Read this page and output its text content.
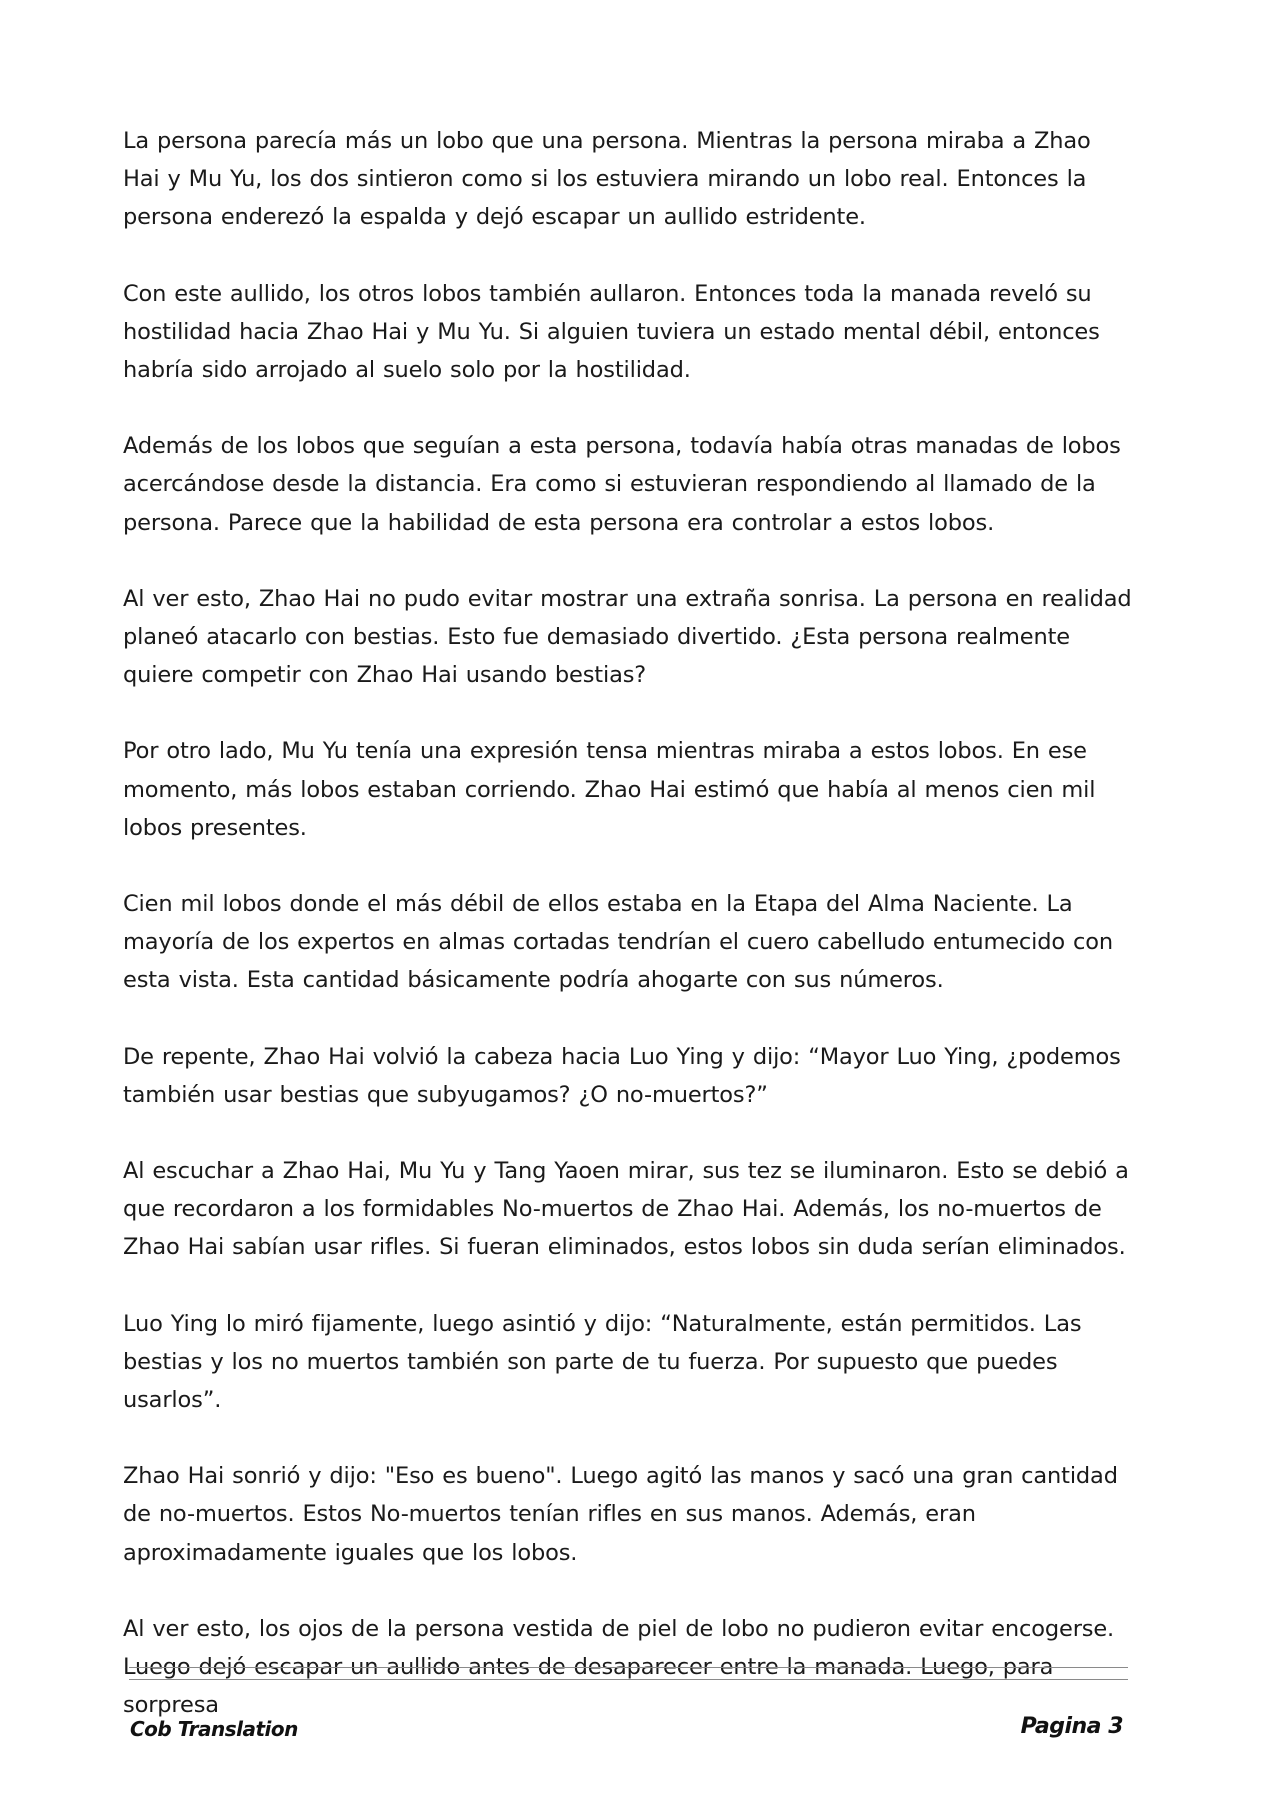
La persona parecía más un lobo que una persona. Mientras la persona miraba a Zhao Hai y Mu Yu, los dos sintieron como si los estuviera mirando un lobo real. Entonces la persona enderezó la espalda y dejó escapar un aullido estridente.

Con este aullido, los otros lobos también aullaron. Entonces toda la manada reveló su hostilidad hacia Zhao Hai y Mu Yu. Si alguien tuviera un estado mental débil, entonces habría sido arrojado al suelo solo por la hostilidad.

Además de los lobos que seguían a esta persona, todavía había otras manadas de lobos acercándose desde la distancia. Era como si estuvieran respondiendo al llamado de la persona. Parece que la habilidad de esta persona era controlar a estos lobos.

Al ver esto, Zhao Hai no pudo evitar mostrar una extraña sonrisa. La persona en realidad planeó atacarlo con bestias. Esto fue demasiado divertido. ¿Esta persona realmente quiere competir con Zhao Hai usando bestias?

Por otro lado, Mu Yu tenía una expresión tensa mientras miraba a estos lobos. En ese momento, más lobos estaban corriendo. Zhao Hai estimó que había al menos cien mil lobos presentes.

Cien mil lobos donde el más débil de ellos estaba en la Etapa del Alma Naciente. La mayoría de los expertos en almas cortadas tendrían el cuero cabelludo entumecido con esta vista. Esta cantidad básicamente podría ahogarte con sus números.

De repente, Zhao Hai volvió la cabeza hacia Luo Ying y dijo: “Mayor Luo Ying, ¿podemos también usar bestias que subyugamos? ¿O no-muertos?”

Al escuchar a Zhao Hai, Mu Yu y Tang Yaoen mirar, sus tez se iluminaron. Esto se debió a que recordaron a los formidables No-muertos de Zhao Hai. Además, los no-muertos de Zhao Hai sabían usar rifles. Si fueran eliminados, estos lobos sin duda serían eliminados.

Luo Ying lo miró fijamente, luego asintió y dijo: “Naturalmente, están permitidos. Las bestias y los no muertos también son parte de tu fuerza. Por supuesto que puedes usarlos”.

Zhao Hai sonrió y dijo: "Eso es bueno". Luego agitó las manos y sacó una gran cantidad de no-muertos. Estos No-muertos tenían rifles en sus manos. Además, eran aproximadamente iguales que los lobos.

Al ver esto, los ojos de la persona vestida de piel de lobo no pudieron evitar encogerse. Luego dejó escapar un aullido antes de desaparecer entre la manada. Luego, para sorpresa

Cob Translation	Pagina 3
